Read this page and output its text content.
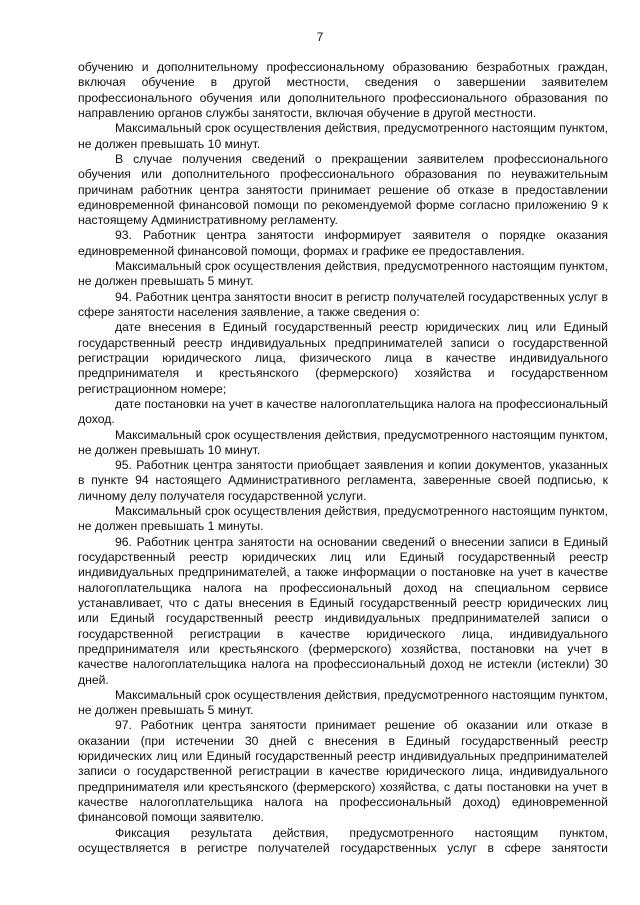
7

обучению и дополнительному профессиональному образованию безработных граждан, включая обучение в другой местности, сведения о завершении заявителем профессионального обучения или дополнительного профессионального образования по направлению органов службы занятости, включая обучение в другой местности.

Максимальный срок осуществления действия, предусмотренного настоящим пунктом, не должен превышать 10 минут.

В случае получения сведений о прекращении заявителем профессионального обучения или дополнительного профессионального образования по неуважительным причинам работник центра занятости принимает решение об отказе в предоставлении единовременной финансовой помощи по рекомендуемой форме согласно приложению 9 к настоящему Административному регламенту.

93. Работник центра занятости информирует заявителя о порядке оказания единовременной финансовой помощи, формах и графике ее предоставления.

Максимальный срок осуществления действия, предусмотренного настоящим пунктом, не должен превышать 5 минут.

94. Работник центра занятости вносит в регистр получателей государственных услуг в сфере занятости населения заявление, а также сведения о:

дате внесения в Единый государственный реестр юридических лиц или Единый государственный реестр индивидуальных предпринимателей записи о государственной регистрации юридического лица, физического лица в качестве индивидуального предпринимателя и крестьянского (фермерского) хозяйства и государственном регистрационном номере;

дате постановки на учет в качестве налогоплательщика налога на профессиональный доход.

Максимальный срок осуществления действия, предусмотренного настоящим пунктом, не должен превышать 10 минут.

95. Работник центра занятости приобщает заявления и копии документов, указанных в пункте 94 настоящего Административного регламента, заверенные своей подписью, к личному делу получателя государственной услуги.

Максимальный срок осуществления действия, предусмотренного настоящим пунктом, не должен превышать 1 минуты.

96. Работник центра занятости на основании сведений о внесении записи в Единый государственный реестр юридических лиц или Единый государственный реестр индивидуальных предпринимателей, а также информации о постановке на учет в качестве налогоплательщика налога на профессиональный доход на специальном сервисе устанавливает, что с даты внесения в Единый государственный реестр юридических лиц или Единый государственный реестр индивидуальных предпринимателей записи о государственной регистрации в качестве юридического лица, индивидуального предпринимателя или крестьянского (фермерского) хозяйства, постановки на учет в качестве налогоплательщика налога на профессиональный доход не истекли (истекли) 30 дней.

Максимальный срок осуществления действия, предусмотренного настоящим пунктом, не должен превышать 5 минут.

97. Работник центра занятости принимает решение об оказании или отказе в оказании (при истечении 30 дней с внесения в Единый государственный реестр юридических лиц или Единый государственный реестр индивидуальных предпринимателей записи о государственной регистрации в качестве юридического лица, индивидуального предпринимателя или крестьянского (фермерского) хозяйства, с даты постановки на учет в качестве налогоплательщика налога на профессиональный доход) единовременной финансовой помощи заявителю.

Фиксация результата действия, предусмотренного настоящим пунктом, осуществляется в регистре получателей государственных услуг в сфере занятости
